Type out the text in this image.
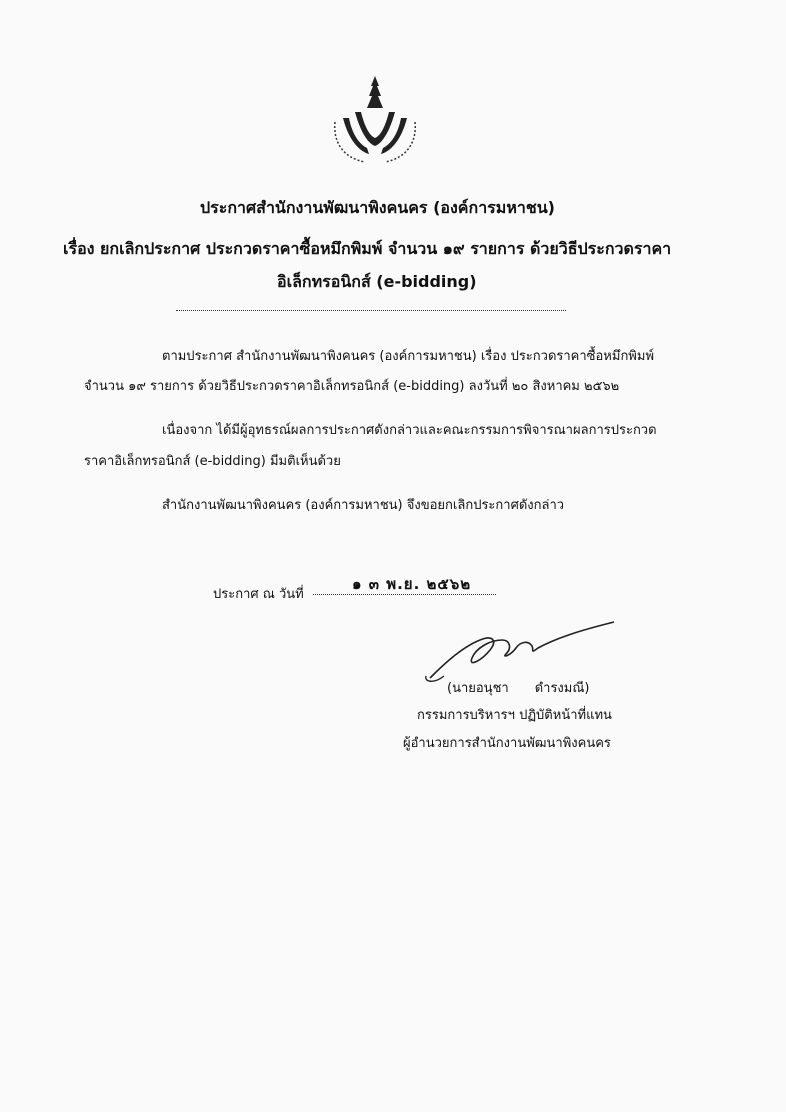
ประกาศสำนักงานพัฒนาพิงคนคร (องค์การมหาชน)
เรื่อง ยกเลิกประกาศ ประกวดราคาซื้อหมึกพิมพ์ จำนวน ๑๙ รายการ ด้วยวิธีประกวดราคา
อิเล็กทรอนิกส์ (e-bidding)
ตามประกาศ สำนักงานพัฒนาพิงคนคร (องค์การมหาชน) เรื่อง ประกวดราคาซื้อหมึกพิมพ์
จำนวน ๑๙ รายการ ด้วยวิธีประกวดราคาอิเล็กทรอนิกส์ (e-bidding) ลงวันที่ ๒๐ สิงหาคม ๒๕๖๒
เนื่องจาก ได้มีผู้อุทธรณ์ผลการประกาศดังกล่าวและคณะกรรมการพิจารณาผลการประกวด
ราคาอิเล็กทรอนิกส์ (e-bidding) มีมติเห็นด้วย
สำนักงานพัฒนาพิงคนคร (องค์การมหาชน) จึงขอยกเลิกประกาศดังกล่าว
ประกาศ ณ วันที่
๑ ๓ พ.ย. ๒๕๖๒
(นายอนุชา ดำรงมณี)
กรรมการบริหารฯ ปฏิบัติหน้าที่แทน
ผู้อำนวยการสำนักงานพัฒนาพิงคนคร
